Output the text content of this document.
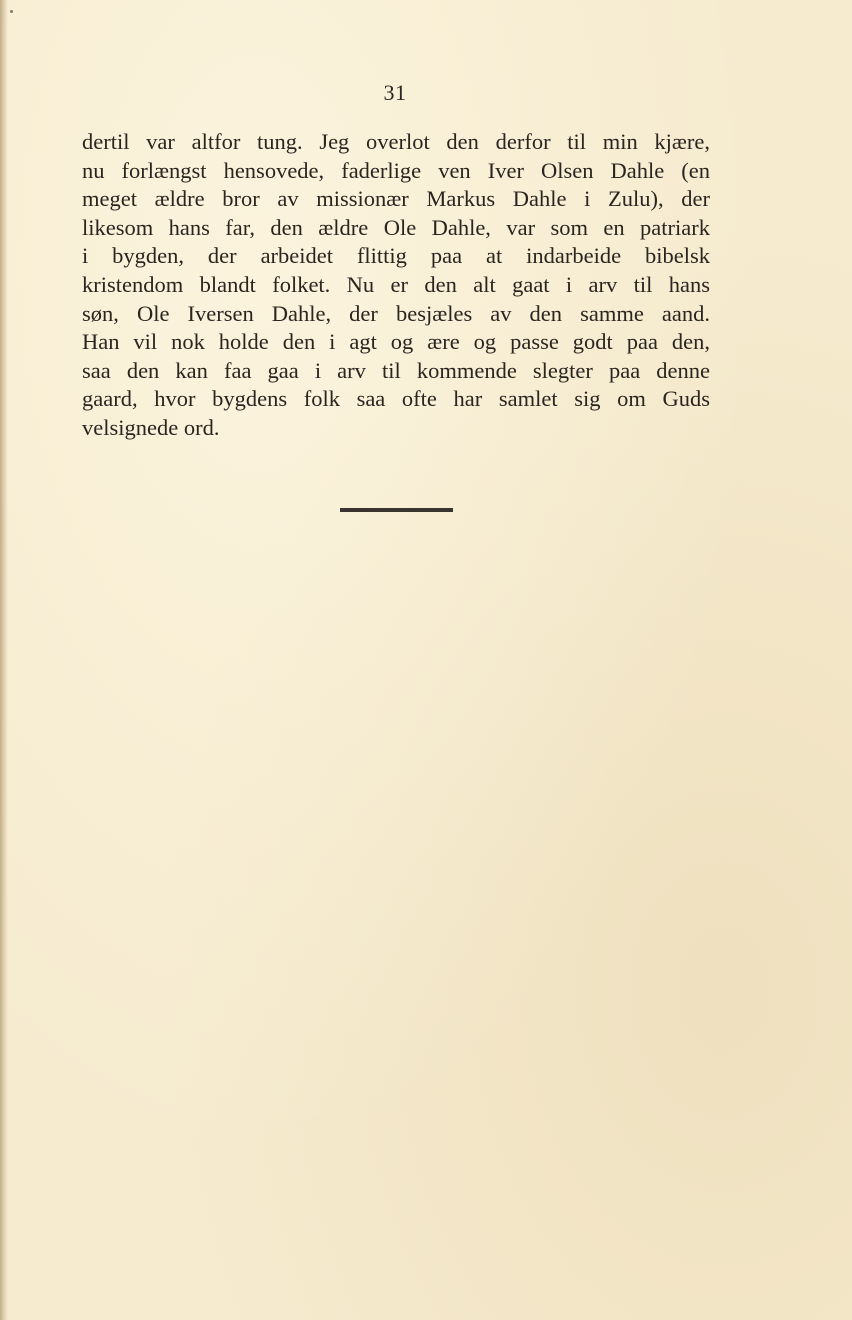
31

dertil var altfor tung. Jeg overlot den derfor til min kjære,
nu forlængst hensovede, faderlige ven Iver Olsen Dahle (en
meget ældre bror av missionær Markus Dahle i Zulu), der
likesom hans far, den ældre Ole Dahle, var som en patriark
i bygden, der arbeidet flittig paa at indarbeide bibelsk
kristendom blandt folket. Nu er den alt gaat i arv til hans
søn, Ole Iversen Dahle, der besjæles av den samme aand.
Han vil nok holde den i agt og ære og passe godt paa den,
saa den kan faa gaa i arv til kommende slegter paa denne
gaard, hvor bygdens folk saa ofte har samlet sig om Guds
velsignede ord.
